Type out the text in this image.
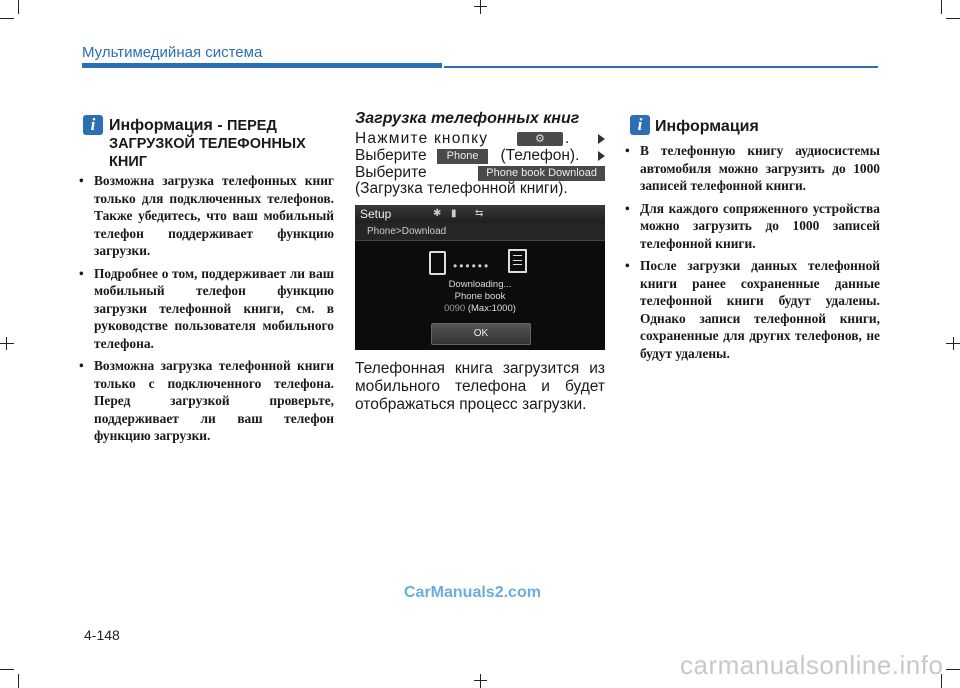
Мультимедийная система
i Информация - ПЕРЕД ЗАГРУЗКОЙ ТЕЛЕФОННЫХ КНИГ
• Возможна загрузка телефонных книг только для подключенных телефонов. Также убедитесь, что ваш мобильный телефон поддерживает функцию загрузки.
• Подробнее о том, поддерживает ли ваш мобильный телефон функцию загрузки телефонной книги, см. в руководстве пользователя мобильного телефона.
• Возможна загрузка телефонной книги только с подключенного телефона. Перед загрузкой проверьте, поддерживает ли ваш телефон функцию загрузки.
Загрузка телефонных книг
Нажмите кнопку	⚙	.
Выберите	Phone	(Телефон).
Выберите	Phone book Download
(Загрузка телефонной книги).
Setup	✱ ▮	⇆
Phone>Download
••••••
Downloading...
Phone book
0090 (Max:1000)
OK
Телефонная книга загрузится из мобильного телефона и будет отображаться процесс загрузки.
i Информация
• В телефонную книгу аудиосистемы автомобиля можно загрузить до 1000 записей телефонной книги.
• Для каждого сопряженного устройства можно загрузить до 1000 записей телефонной книги.
• После загрузки данных телефонной книги ранее сохраненные данные телефонной книги будут удалены. Однако записи телефонной книги, сохраненные для других телефонов, не будут удалены.
CarManuals2.com
4-148
carmanualsonline.info
